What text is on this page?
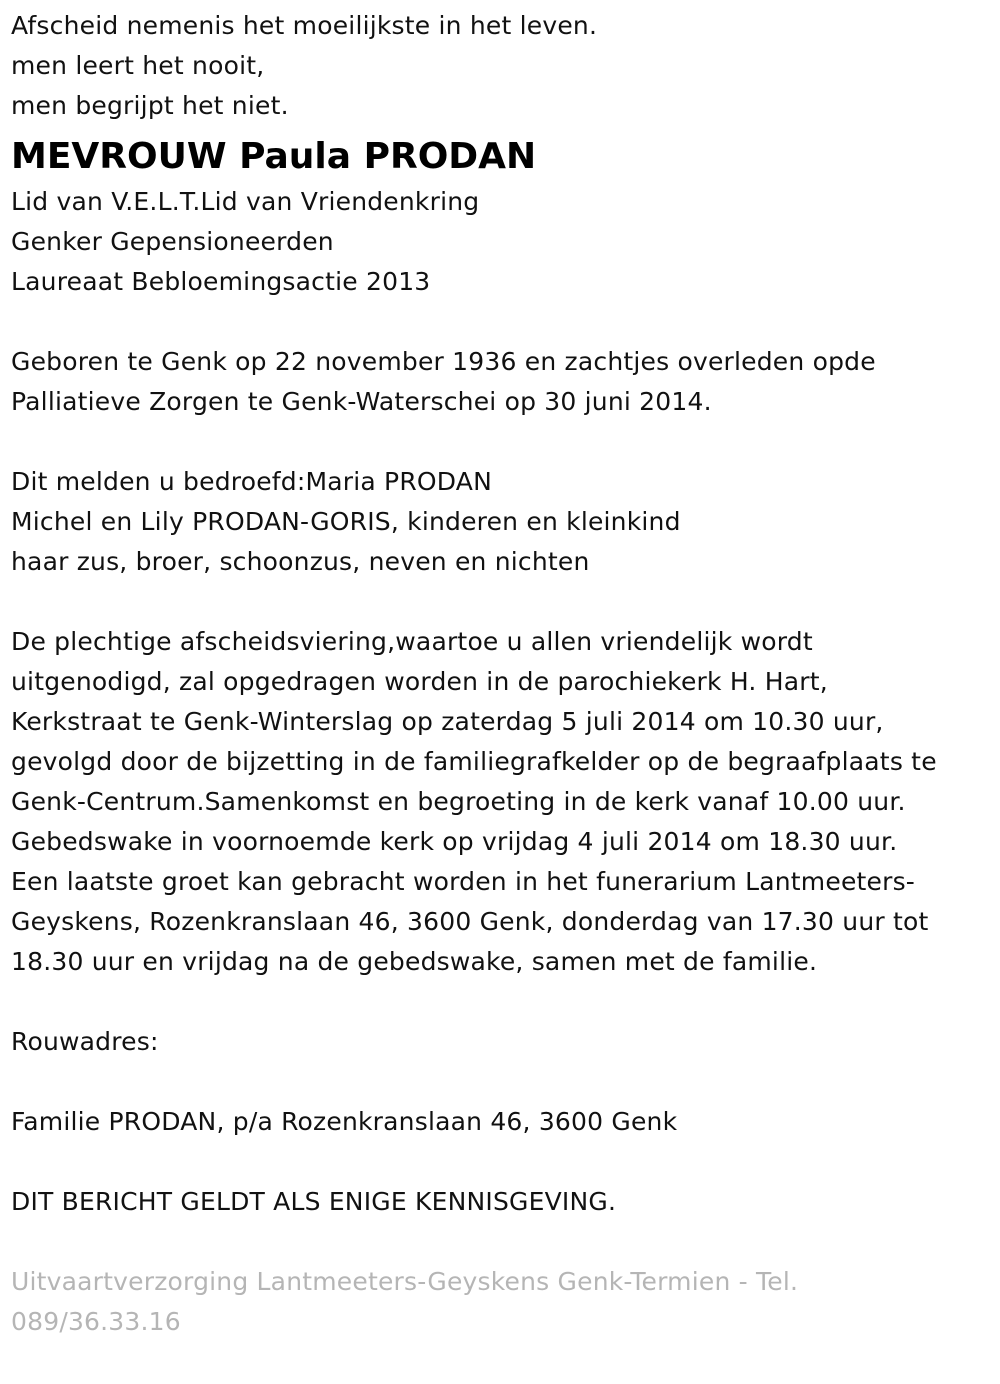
Afscheid nemenis het moeilijkste in het leven.
men leert het nooit,
men begrijpt het niet.
MEVROUW Paula PRODAN
Lid van V.E.L.T.Lid van Vriendenkring
Genker Gepensioneerden
Laureaat Bebloemingsactie 2013
Geboren te Genk op 22 november 1936 en zachtjes overleden opde
Palliatieve Zorgen te Genk-Waterschei op 30 juni 2014.
Dit melden u bedroefd:Maria PRODAN
Michel en Lily PRODAN-GORIS, kinderen en kleinkind
haar zus, broer, schoonzus, neven en nichten
De plechtige afscheidsviering,waartoe u allen vriendelijk wordt
uitgenodigd, zal opgedragen worden in de parochiekerk H. Hart,
Kerkstraat te Genk-Winterslag op zaterdag 5 juli 2014 om 10.30 uur,
gevolgd door de bijzetting in de familiegrafkelder op de begraafplaats te
Genk-Centrum.Samenkomst en begroeting in de kerk vanaf 10.00 uur.
Gebedswake in voornoemde kerk op vrijdag 4 juli 2014 om 18.30 uur.
Een laatste groet kan gebracht worden in het funerarium Lantmeeters-
Geyskens, Rozenkranslaan 46, 3600 Genk, donderdag van 17.30 uur tot
18.30 uur en vrijdag na de gebedswake, samen met de familie.
Rouwadres:
Familie PRODAN, p/a Rozenkranslaan 46, 3600 Genk
DIT BERICHT GELDT ALS ENIGE KENNISGEVING.
Uitvaartverzorging Lantmeeters-Geyskens Genk-Termien - Tel.
089/36.33.16
